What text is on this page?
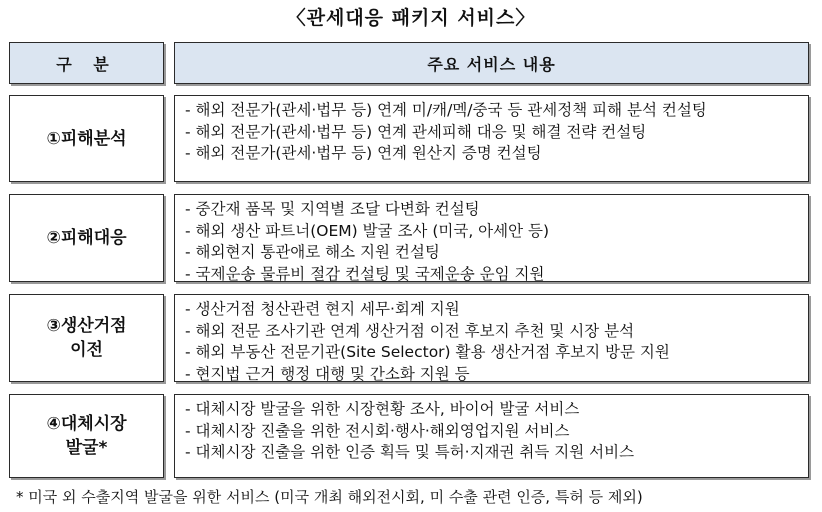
〈관세대응 패키지 서비스〉
구 분	주요 서비스 내용
①피해분석
- 해외 전문가(관세·법무 등) 연계 미/캐/멕/중국 등 관세정책 피해 분석 컨설팅
- 해외 전문가(관세·법무 등) 연계 관세피해 대응 및 해결 전략 컨설팅
- 해외 전문가(관세·법무 등) 연계 원산지 증명 컨설팅
②피해대응
- 중간재 품목 및 지역별 조달 다변화 컨설팅
- 해외 생산 파트너(OEM) 발굴 조사 (미국, 아세안 등)
- 해외현지 통관애로 해소 지원 컨설팅
- 국제운송 물류비 절감 컨설팅 및 국제운송 운임 지원
③생산거점
이전
- 생산거점 청산관련 현지 세무·회계 지원
- 해외 전문 조사기관 연계 생산거점 이전 후보지 추천 및 시장 분석
- 해외 부동산 전문기관(Site Selector) 활용 생산거점 후보지 방문 지원
- 현지법 근거 행정 대행 및 간소화 지원 등
④대체시장
발굴*
- 대체시장 발굴을 위한 시장현황 조사, 바이어 발굴 서비스
- 대체시장 진출을 위한 전시회·행사·해외영업지원 서비스
- 대체시장 진출을 위한 인증 획득 및 특허·지재권 취득 지원 서비스
* 미국 외 수출지역 발굴을 위한 서비스 (미국 개최 해외전시회, 미 수출 관련 인증, 특허 등 제외)
